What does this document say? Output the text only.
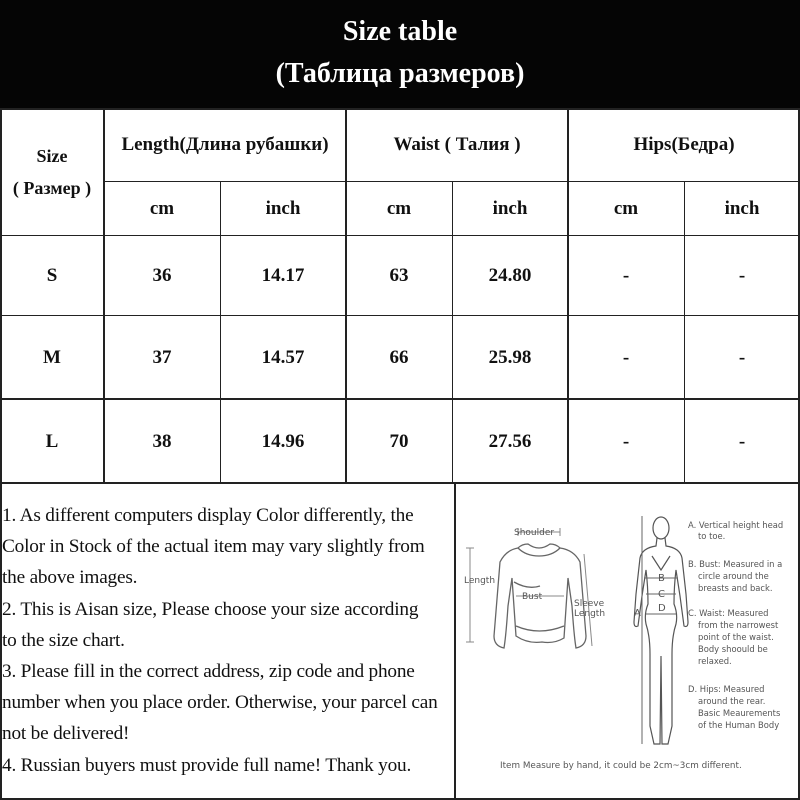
Size table
(Таблица размеров)
Size
( Размер )
Length(Длина рубашки)	Waist ( Талия )	Hips(Бедра)
cm	inch	cm	inch	cm	inch
S	36	14.17	63	24.80	-	-
M	37	14.57	66	25.98	-	-
L	38	14.96	70	27.56	-	-
1. As different computers display Color differently, the
Color in Stock of the actual item may vary slightly from
the above images.
2. This is Aisan size, Please choose your size according
to the size chart.
3. Please fill in the correct address, zip code and phone
number when you place order. Otherwise, your parcel can
not be delivered!
4. Russian buyers must provide full name! Thank you.
Shoulder
Length
Bust
Sleeve
Length	A
B
C
D
A. Vertical height head to toe.
B. Bust: Measured in a circle around the breasts and back.
C. Waist: Measured from the narrowest point of the waist. Body shoould be relaxed.
D. Hips: Measured around the rear. Basic Meaurements of the Human Body
Item Measure by hand, it could be 2cm~3cm different.
